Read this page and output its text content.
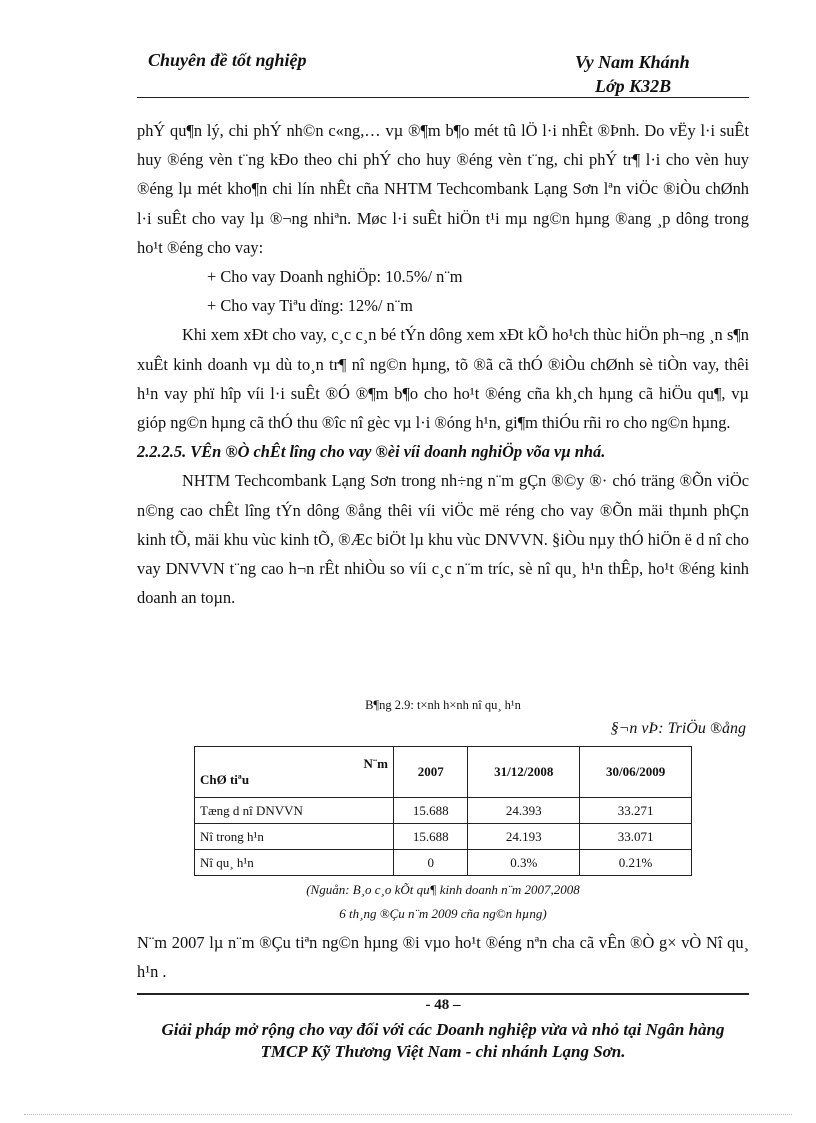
Chuyên đề tốt nghiệp	Vy Nam Khánh
Lớp K32B

phÝ qu¶n lý, chi phÝ nh©n c«ng,… vµ ®¶m b¶o mét tû lÖ l·i nhÊt ®Þnh. Do vËy l·i suÊt huy ®éng vèn t¨ng kÐo theo chi phÝ cho huy ®éng vèn t¨ng, chi phÝ tr¶ l·i cho vèn huy ®éng lµ mét kho¶n chi lín nhÊt cña NHTM Techcombank Lạng Sơn lªn viÖc ®iÒu chØnh l·i suÊt cho vay lµ ®¬ng nhiªn. Møc l·i suÊt hiÖn t¹i mµ ng©n hµng ®ang ¸p dông trong ho¹t ®éng cho vay:

+ Cho vay Doanh nghiÖp: 10.5%/ n¨m

+ Cho vay Tiªu dïng: 12%/ n¨m

Khi xem xÐt cho vay, c¸c c¸n bé tÝn dông xem xÐt kÕ ho¹ch thùc hiÖn ph¬ng ¸n s¶n xuÊt kinh doanh vµ dù to¸n tr¶ nî ng©n hµng, tõ ®ã cã thÓ ®iÒu chØnh sè tiÒn vay, thêi h¹n vay phï hîp víi l·i suÊt ®Ó ®¶m b¶o cho ho¹t ®éng cña kh¸ch hµng cã hiÖu qu¶, vµ gióp ng©n hµng cã thÓ thu ®îc nî gèc vµ l·i ®óng h¹n, gi¶m thiÓu rñi ro cho ng©n hµng.

2.2.2.5. VÊn ®Ò chÊt lîng cho vay ®èi víi doanh nghiÖp võa vµ nhá.

NHTM Techcombank Lạng Sơn trong nh÷ng n¨m gÇn ®©y ®· chó träng ®Õn viÖc n©ng cao chÊt lîng tÝn dông ®ång thêi víi viÖc më réng cho vay ®Õn mäi thµnh phÇn kinh tÕ, mäi khu vùc kinh tÕ, ®Æc biÖt lµ khu vùc DNVVN. §iÒu nµy thÓ hiÖn ë d nî cho vay DNVVN t¨ng cao h¬n rÊt nhiÒu so víi c¸c n¨m tríc, sè nî qu¸ h¹n thÊp, ho¹t ®éng kinh doanh an toµn.

B¶ng 2.9: t×nh h×nh nî qu¸ h¹n
§¬n vÞ: TriÖu ®ång
N¨m
ChØ tiªu	2007	31/12/2008	30/06/2009
Tæng d nî DNVVN	15.688	24.393	33.271
Nî trong h¹n	15.688	24.193	33.071
Nî qu¸ h¹n	0	0.3%	0.21%
(Nguån: B¸o c¸o kÕt qu¶ kinh doanh n¨m 2007,2008
6 th¸ng ®Çu n¨m 2009 cña ng©n hµng)
N¨m 2007 lµ n¨m ®Çu tiªn ng©n hµng ®i vµo ho¹t ®éng nªn cha cã vÊn ®Ò g× vÒ Nî qu¸ h¹n .
- 48 –
Giải pháp mở rộng cho vay đối với các Doanh nghiệp vừa và nhỏ tại Ngân hàng TMCP Kỹ Thương Việt Nam - chi nhánh Lạng Sơn.
